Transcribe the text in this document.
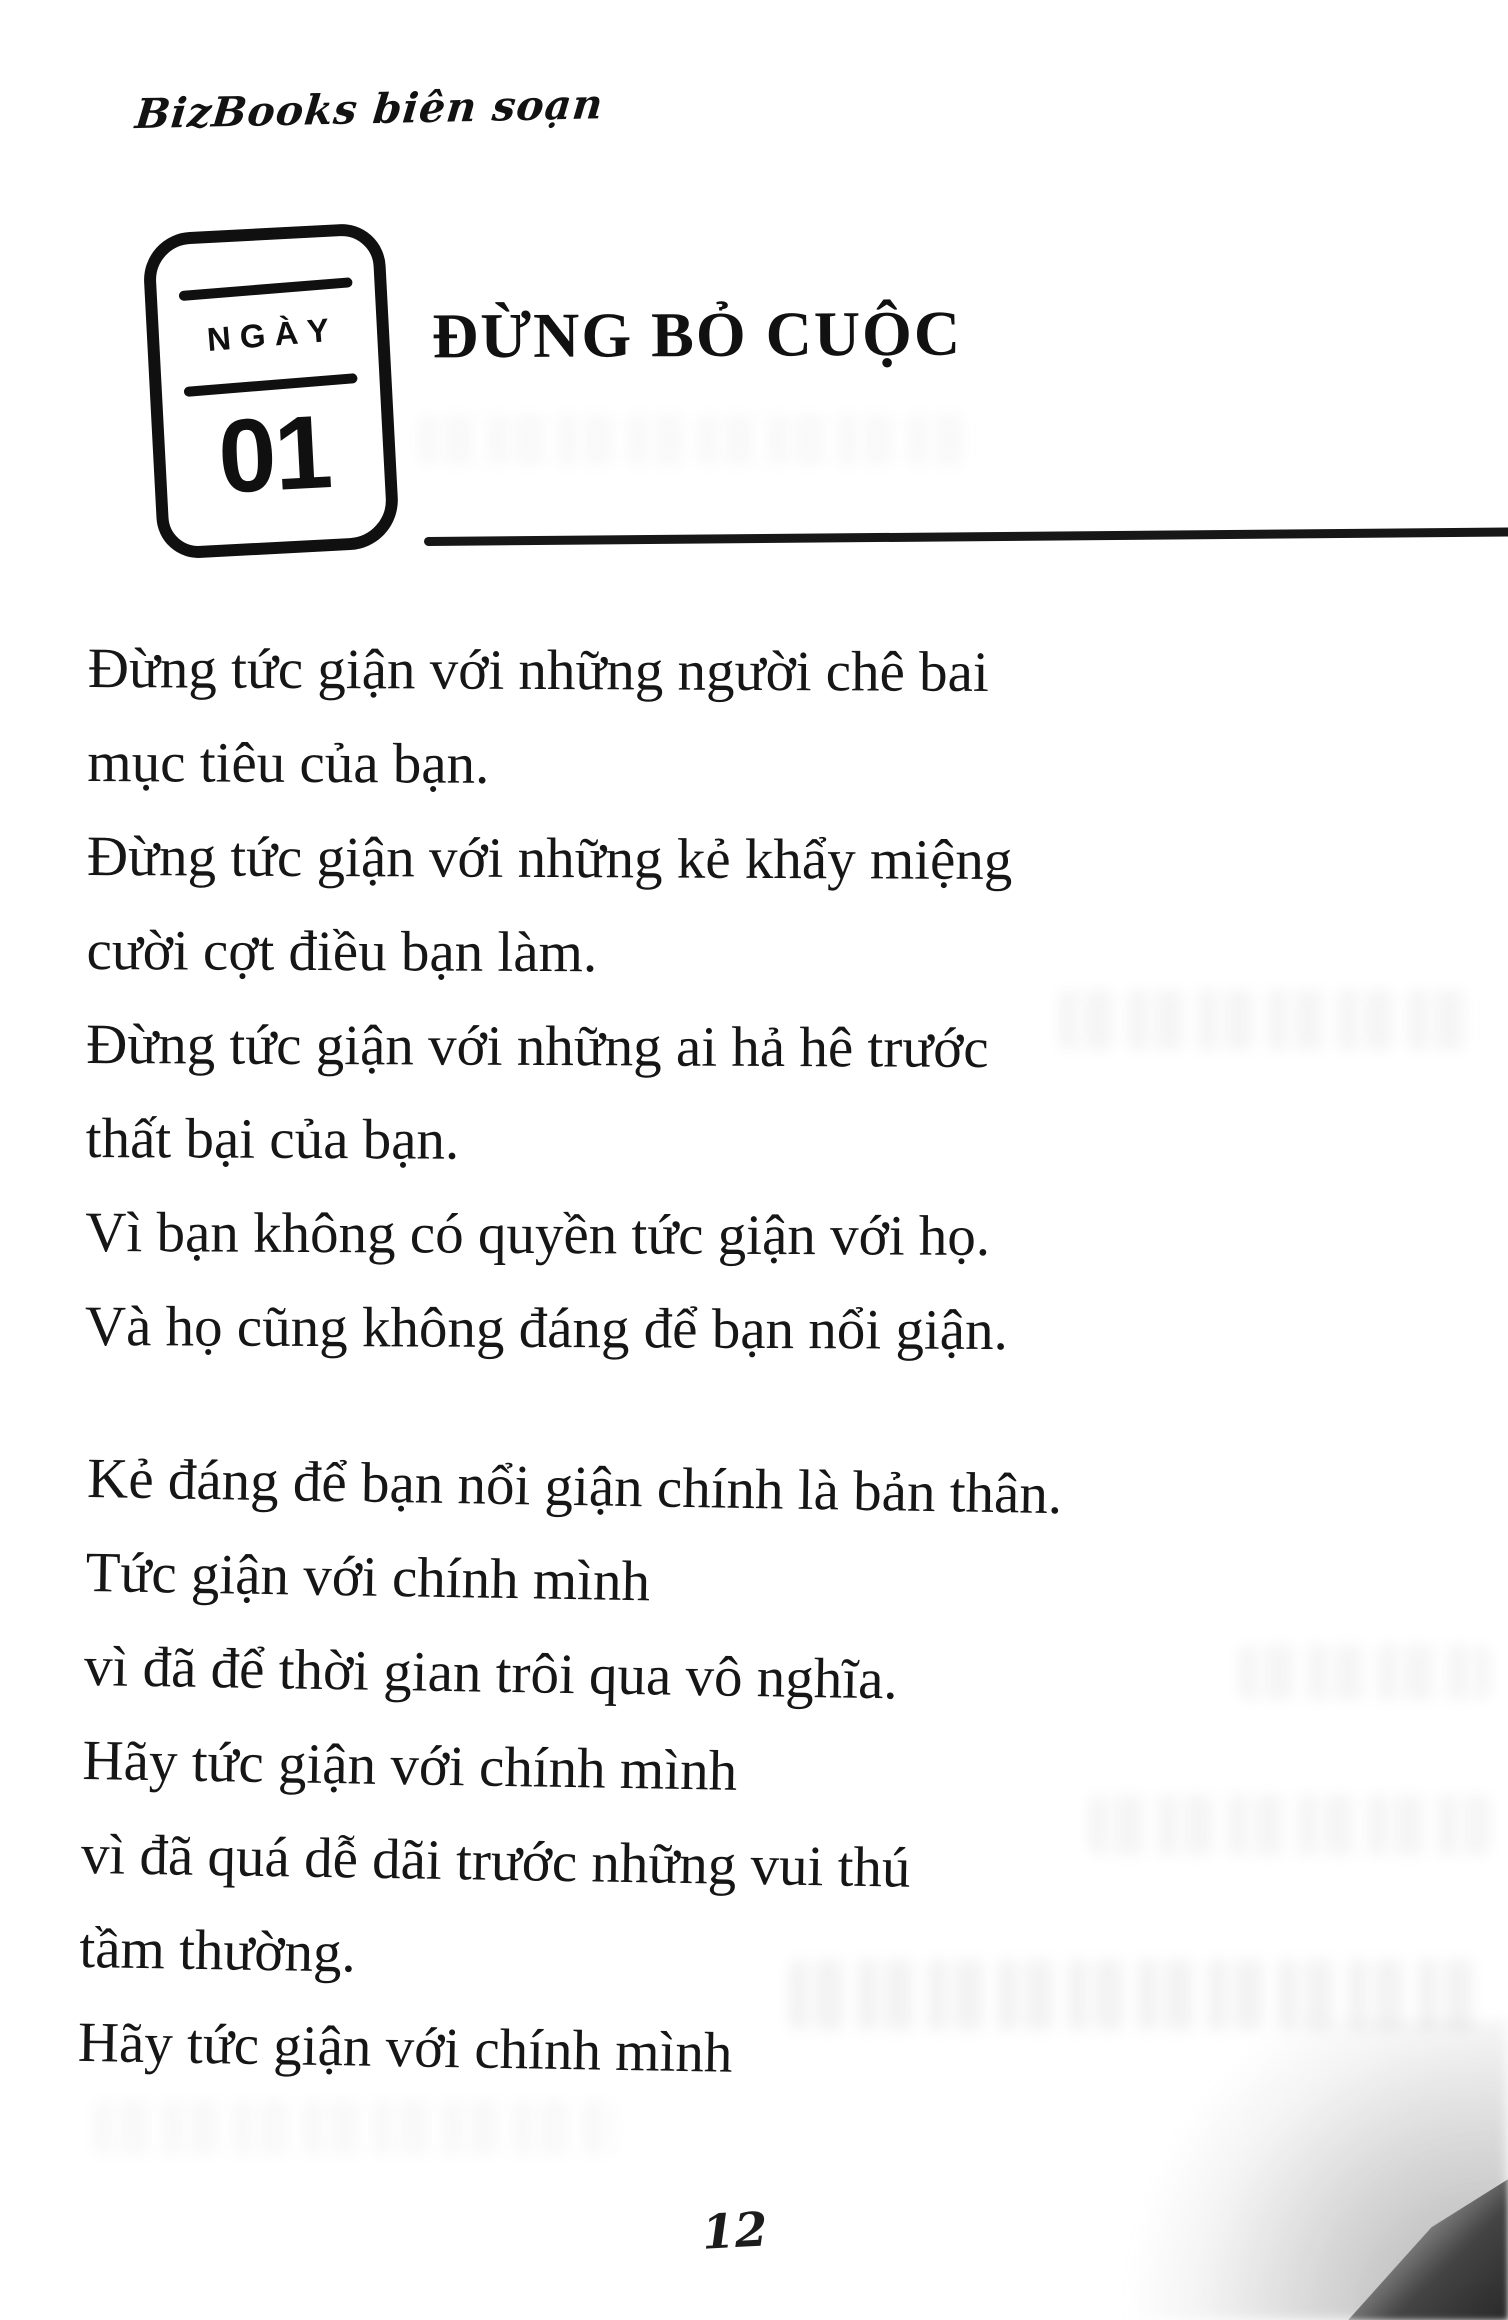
BizBooks biên soạn
NGÀY
01
ĐỪNG BỎ CUỘC
Đừng tức giận với những người chê bai
mục tiêu của bạn.
Đừng tức giận với những kẻ khẩy miệng
cười cợt điều bạn làm.
Đừng tức giận với những ai hả hê trước
thất bại của bạn.
Vì bạn không có quyền tức giận với họ.
Và họ cũng không đáng để bạn nổi giận.
Kẻ đáng để bạn nổi giận chính là bản thân.
Tức giận với chính mình
vì đã để thời gian trôi qua vô nghĩa.
Hãy tức giận với chính mình
vì đã quá dễ dãi trước những vui thú
tầm thường.
Hãy tức giận với chính mình
12
